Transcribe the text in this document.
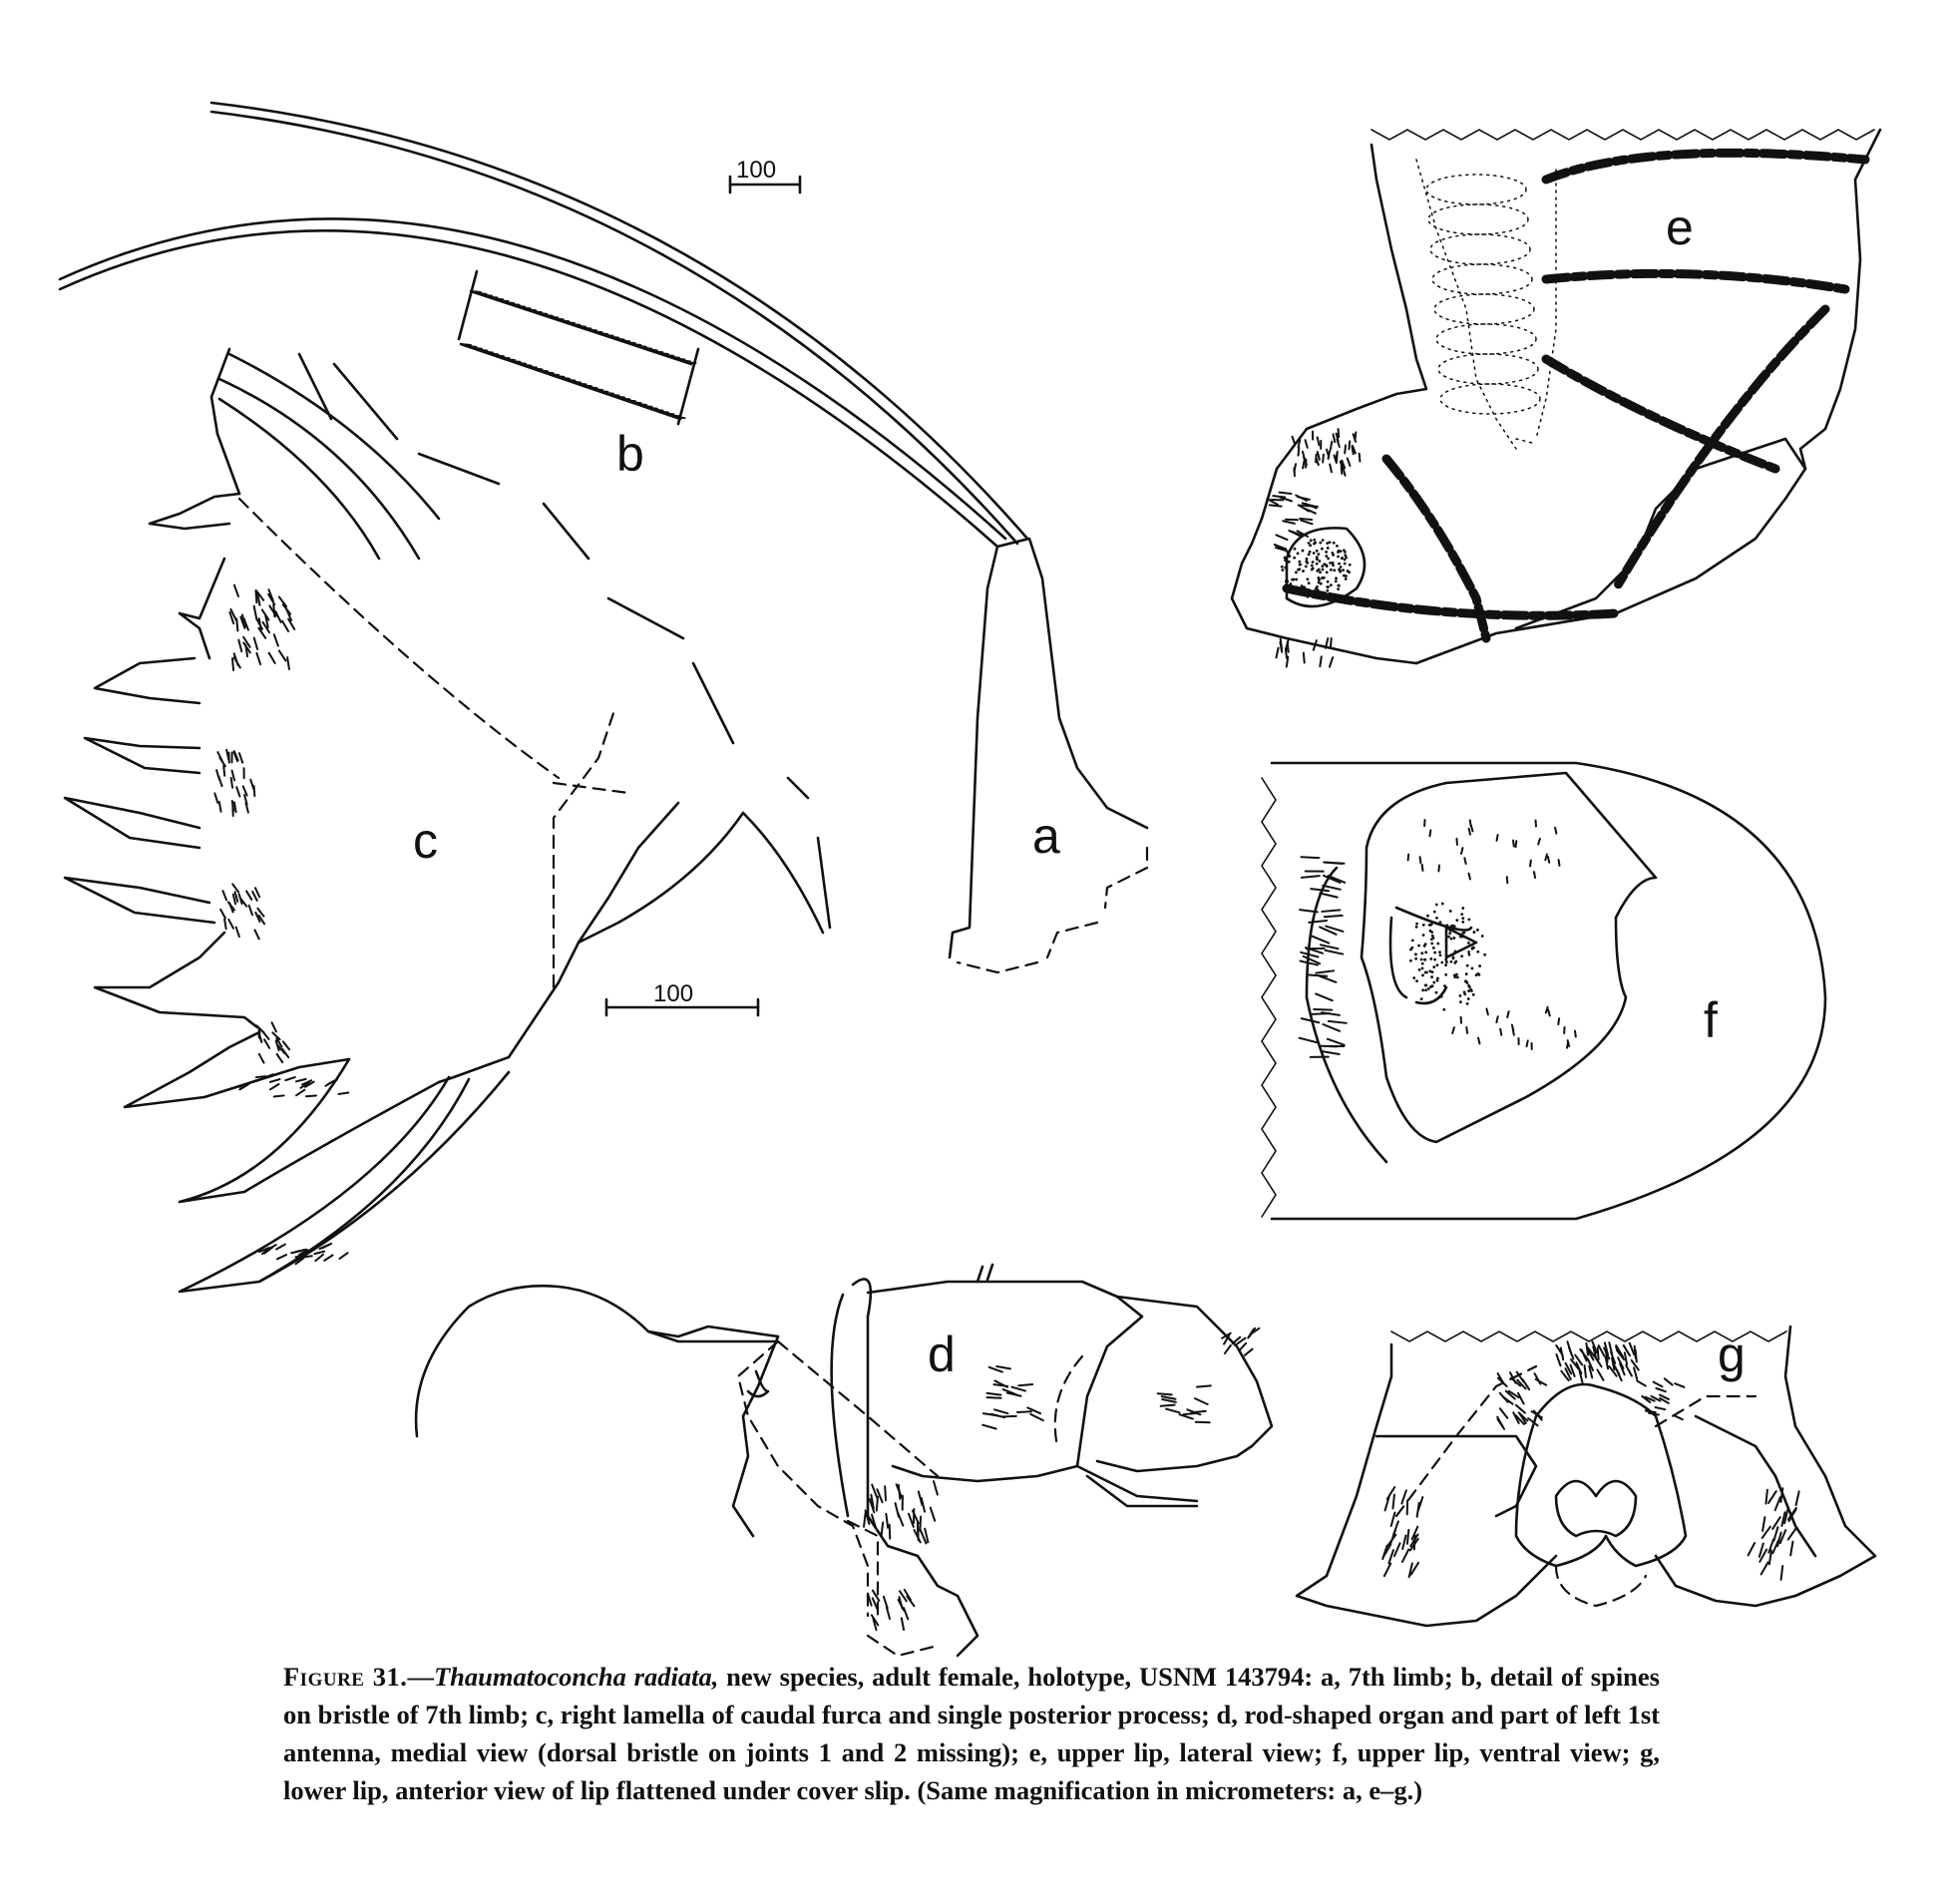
100
100
a
b
c
d
e
f
g
Figure 31.—Thaumatoconcha radiata, new species, adult female, holotype, USNM 143794: a, 7th limb; b, detail of spines on bristle of 7th limb; c, right lamella of caudal furca and single posterior process; d, rod-shaped organ and part of left 1st antenna, medial view (dorsal bristle on joints 1 and 2 missing); e, upper lip, lateral view; f, upper lip, ventral view; g, lower lip, anterior view of lip flattened under cover slip. (Same magnification in micrometers: a, e–g.)
